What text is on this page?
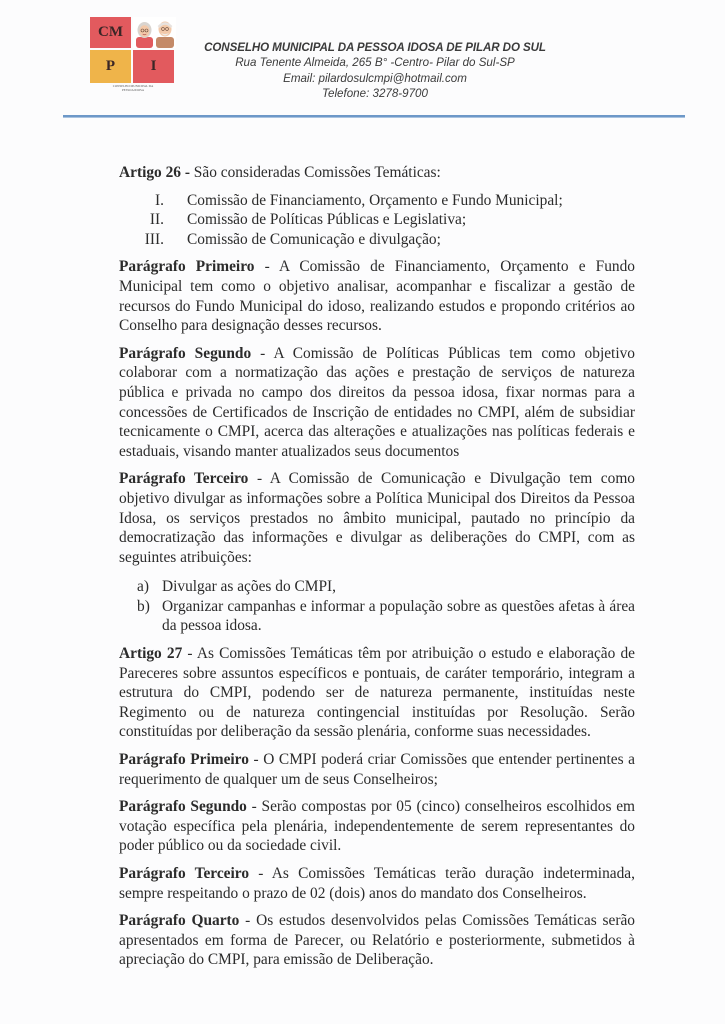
CM
P	I
CONSELHO MUNICIPAL DA
PESSOA IDOSA
CONSELHO MUNICIPAL DA PESSOA IDOSA DE PILAR DO SUL
Rua Tenente Almeida, 265 B° -Centro- Pilar do Sul-SP
Email: pilardosulcmpi@hotmail.com
Telefone: 3278-9700

Artigo 26 - São consideradas Comissões Temáticas:

I. Comissão de Financiamento, Orçamento e Fundo Municipal;
II. Comissão de Políticas Públicas e Legislativa;
III. Comissão de Comunicação e divulgação;

Parágrafo Primeiro - A Comissão de Financiamento, Orçamento e Fundo Municipal tem como o objetivo analisar, acompanhar e fiscalizar a gestão de recursos do Fundo Municipal do idoso, realizando estudos e propondo critérios ao Conselho para designação desses recursos.

Parágrafo Segundo - A Comissão de Políticas Públicas tem como objetivo colaborar com a normatização das ações e prestação de serviços de natureza pública e privada no campo dos direitos da pessoa idosa, fixar normas para a concessões de Certificados de Inscrição de entidades no CMPI, além de subsidiar tecnicamente o CMPI, acerca das alterações e atualizações nas políticas federais e estaduais, visando manter atualizados seus documentos

Parágrafo Terceiro - A Comissão de Comunicação e Divulgação tem como objetivo divulgar as informações sobre a Política Municipal dos Direitos da Pessoa Idosa, os serviços prestados no âmbito municipal, pautado no princípio da democratização das informações e divulgar as deliberações do CMPI, com as seguintes atribuições:

a) Divulgar as ações do CMPI,
b) Organizar campanhas e informar a população sobre as questões afetas à área da pessoa idosa.

Artigo 27 - As Comissões Temáticas têm por atribuição o estudo e elaboração de Pareceres sobre assuntos específicos e pontuais, de caráter temporário, integram a estrutura do CMPI, podendo ser de natureza permanente, instituídas neste Regimento ou de natureza contingencial instituídas por Resolução. Serão constituídas por deliberação da sessão plenária, conforme suas necessidades.

Parágrafo Primeiro - O CMPI poderá criar Comissões que entender pertinentes a requerimento de qualquer um de seus Conselheiros;

Parágrafo Segundo - Serão compostas por 05 (cinco) conselheiros escolhidos em votação específica pela plenária, independentemente de serem representantes do poder público ou da sociedade civil.

Parágrafo Terceiro - As Comissões Temáticas terão duração indeterminada, sempre respeitando o prazo de 02 (dois) anos do mandato dos Conselheiros.

Parágrafo Quarto - Os estudos desenvolvidos pelas Comissões Temáticas serão apresentados em forma de Parecer, ou Relatório e posteriormente, submetidos à apreciação do CMPI, para emissão de Deliberação.
